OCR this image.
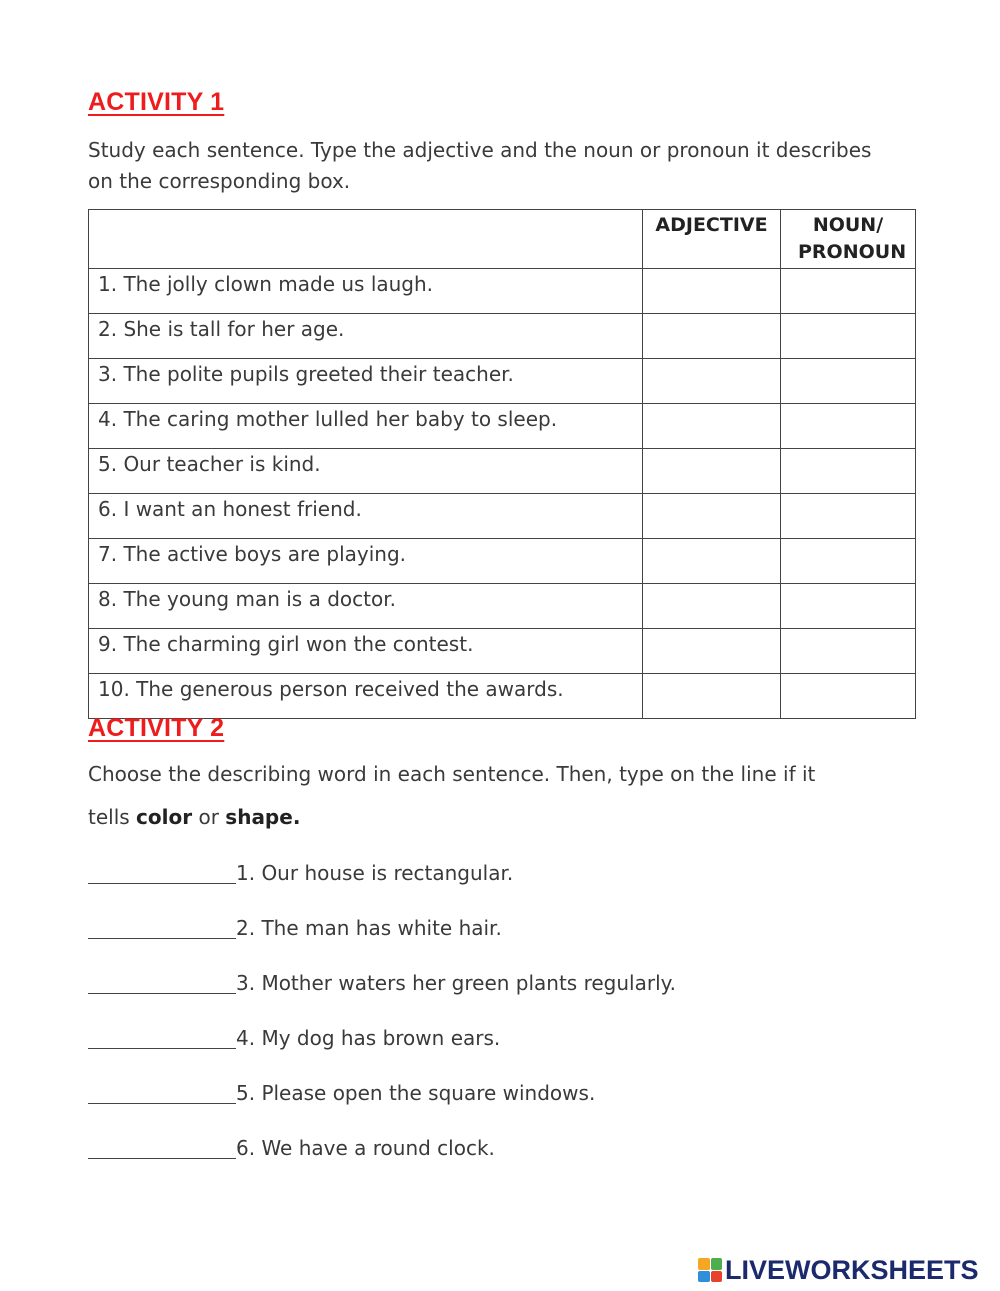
ACTIVITY 1
Study each sentence. Type the adjective and the noun or pronoun it describes on the corresponding box.
	ADJECTIVE	NOUN/ PRONOUN
1. The jolly clown made us laugh.		
2. She is tall for her age.		
3. The polite pupils greeted their teacher.		
4. The caring mother lulled her baby to sleep.		
5. Our teacher is kind.		
6. I want an honest friend.		
7. The active boys are playing.		
8. The young man is a doctor.		
9. The charming girl won the contest.		
10. The generous person received the awards.		
ACTIVITY 2
Choose the describing word in each sentence. Then, type on the line if it
tells color or shape.
1. Our house is rectangular.
2. The man has white hair.
3. Mother waters her green plants regularly.
4. My dog has brown ears.
5. Please open the square windows.
6. We have a round clock.
LIVEWORKSHEETS
